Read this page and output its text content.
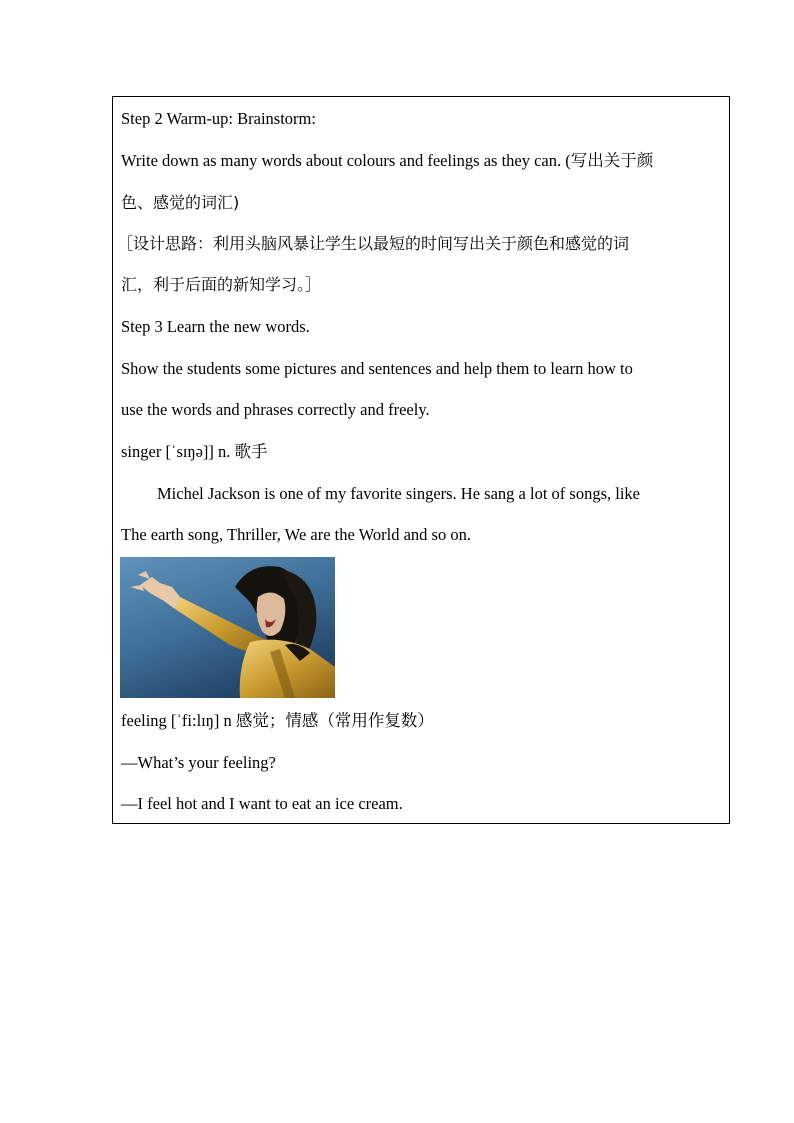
Step 2 Warm-up: Brainstorm:
Write down as many words about colours and feelings as they can. (写出关于颜
色、感觉的词汇)
［设计思路：利用头脑风暴让学生以最短的时间写出关于颜色和感觉的词
汇，利于后面的新知学习。］
Step 3 Learn the new words.
Show the students some pictures and sentences and help them to learn how to
use the words and phrases correctly and freely.
singer [ˈsɪŋə]] n. 歌手
Michel Jackson is one of my favorite singers. He sang a lot of songs, like
The earth song, Thriller, We are the World and so on.
feeling [ˈfi:lɪŋ] n 感觉；情感（常用作复数）
—What’s your feeling?
—I feel hot and I want to eat an ice cream.
